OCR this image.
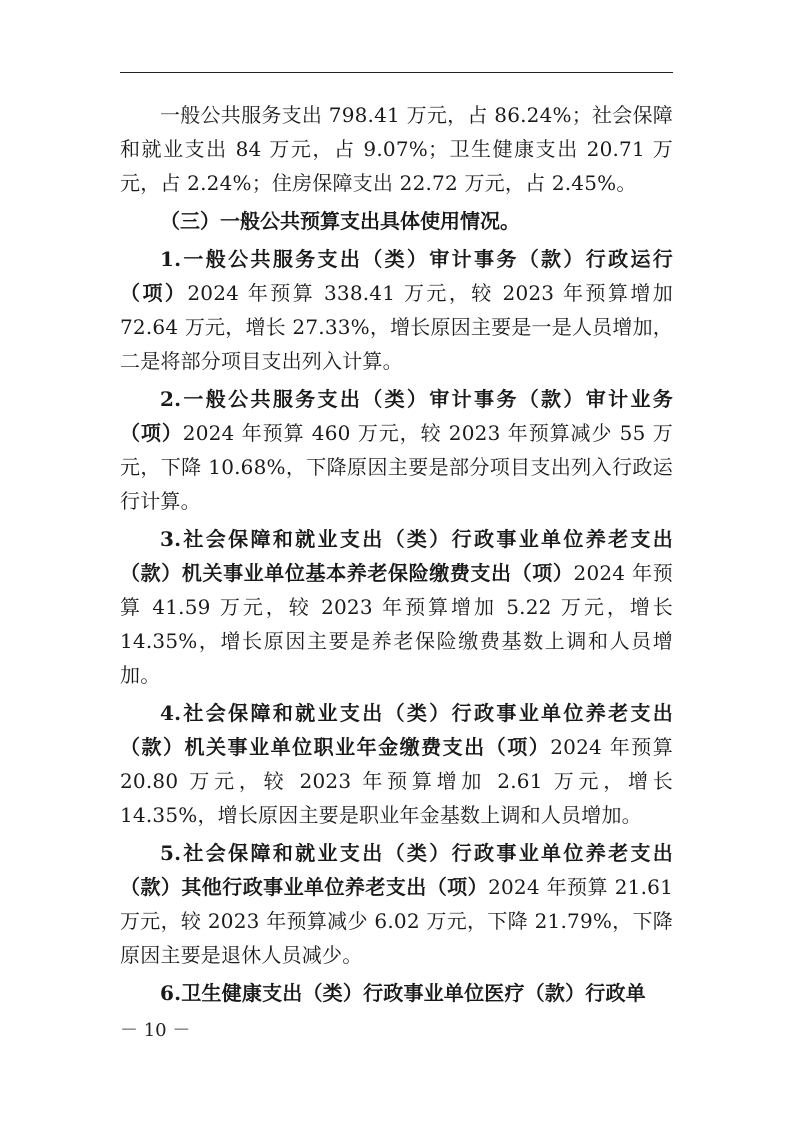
一般公共服务支出 798.41 万元，占 86.24%；社会保障和就业支出 84 万元，占 9.07%；卫生健康支出 20.71 万元，占 2.24%；住房保障支出 22.72 万元，占 2.45%。

（三）一般公共预算支出具体使用情况。

1.一般公共服务支出（类）审计事务（款）行政运行（项）2024 年预算 338.41 万元，较 2023 年预算增加 72.64 万元，增长 27.33%，增长原因主要是一是人员增加，二是将部分项目支出列入计算。

2.一般公共服务支出（类）审计事务（款）审计业务（项）2024 年预算 460 万元，较 2023 年预算减少 55 万元，下降 10.68%，下降原因主要是部分项目支出列入行政运行计算。

3.社会保障和就业支出（类）行政事业单位养老支出（款）机关事业单位基本养老保险缴费支出（项）2024 年预算 41.59 万元，较 2023 年预算增加 5.22 万元，增长 14.35%，增长原因主要是养老保险缴费基数上调和人员增加。

4.社会保障和就业支出（类）行政事业单位养老支出（款）机关事业单位职业年金缴费支出（项）2024 年预算 20.80 万元，较 2023 年预算增加 2.61 万元，增长 14.35%，增长原因主要是职业年金基数上调和人员增加。

5.社会保障和就业支出（类）行政事业单位养老支出（款）其他行政事业单位养老支出（项）2024 年预算 21.61 万元，较 2023 年预算减少 6.02 万元，下降 21.79%，下降原因主要是退休人员减少。

6.卫生健康支出（类）行政事业单位医疗（款）行政单

－ 10 －
